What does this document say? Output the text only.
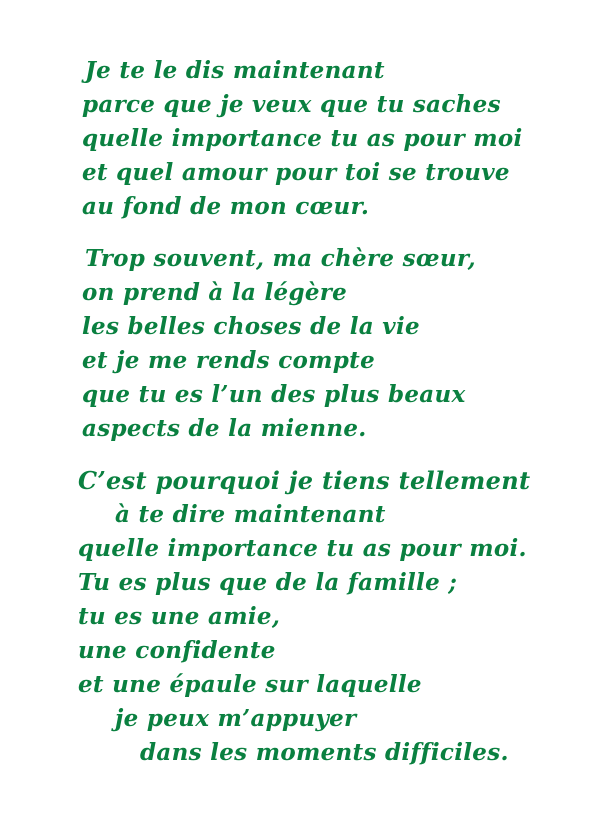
Je te le dis maintenant
parce que je veux que tu saches
quelle importance tu as pour moi
et quel amour pour toi se trouve
au fond de mon cœur.
Trop souvent, ma chère sœur,
on prend à la légère
les belles choses de la vie
et je me rends compte
que tu es l’un des plus beaux
aspects de la mienne.
C’est pourquoi je tiens tellement
à te dire maintenant
quelle importance tu as pour moi.
Tu es plus que de la famille ;
tu es une amie,
une confidente
et une épaule sur laquelle
je peux m’appuyer
dans les moments difficiles.
